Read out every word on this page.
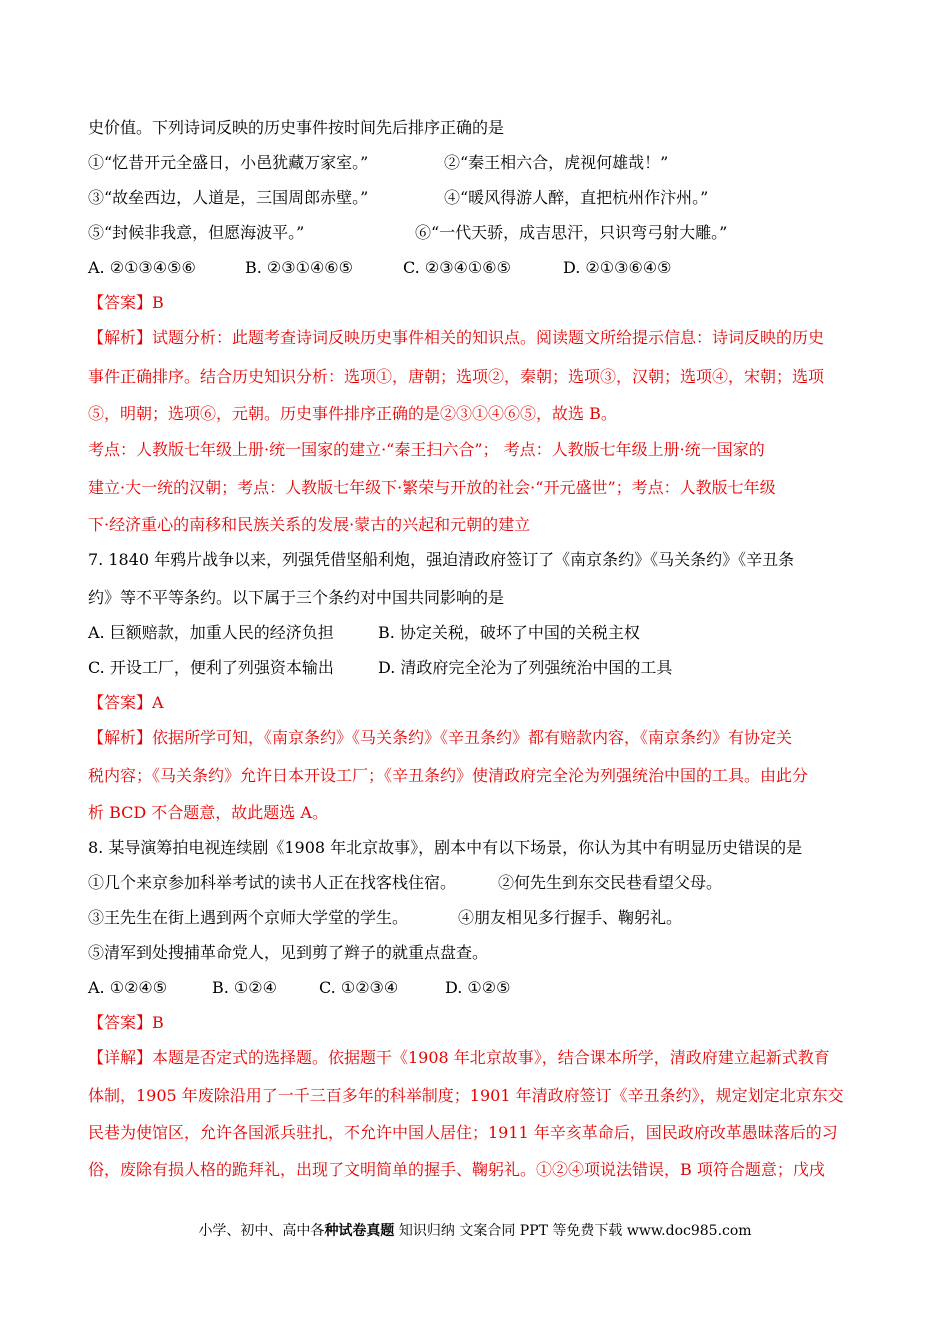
史价值。下列诗词反映的历史事件按时间先后排序正确的是
①“忆昔开元全盛日，小邑犹藏万家室。”	②“秦王相六合，虎视何雄哉！”
③“故垒西边，人道是，三国周郎赤壁。”	④“暖风得游人醉，直把杭州作汴州。”
⑤“封候非我意，但愿海波平。”	⑥“一代天骄，成吉思汗，只识弯弓射大雕。”
A. ②①③④⑤⑥	B. ②③①④⑥⑤	C. ②③④①⑥⑤	D. ②①③⑥④⑤
【答案】B
【解析】试题分析：此题考查诗词反映历史事件相关的知识点。阅读题文所给提示信息：诗词反映的历史
事件正确排序。结合历史知识分析：选项①，唐朝；选项②，秦朝；选项③，汉朝；选项④，宋朝；选项
⑤，明朝；选项⑥，元朝。历史事件排序正确的是②③①④⑥⑤，故选 B。
考点：人教版七年级上册·统一国家的建立·“秦王扫六合”； 考点：人教版七年级上册·统一国家的
建立·大一统的汉朝；考点：人教版七年级下·繁荣与开放的社会·“开元盛世”；考点：人教版七年级
下·经济重心的南移和民族关系的发展·蒙古的兴起和元朝的建立
7. 1840 年鸦片战争以来，列强凭借坚船利炮，强迫清政府签订了《南京条约》《马关条约》《辛丑条
约》等不平等条约。以下属于三个条约对中国共同影响的是
A. 巨额赔款，加重人民的经济负担	B. 协定关税，破坏了中国的关税主权
C. 开设工厂，便利了列强资本输出	D. 清政府完全沦为了列强统治中国的工具
【答案】A
【解析】依据所学可知，《南京条约》《马关条约》《辛丑条约》都有赔款内容，《南京条约》有协定关
税内容；《马关条约》允许日本开设工厂；《辛丑条约》使清政府完全沦为列强统治中国的工具。由此分
析 BCD 不合题意，故此题选 A。
8. 某导演筹拍电视连续剧《1908 年北京故事》，剧本中有以下场景，你认为其中有明显历史错误的是
①几个来京参加科举考试的读书人正在找客栈住宿。	②何先生到东交民巷看望父母。
③王先生在街上遇到两个京师大学堂的学生。	④朋友相见多行握手、鞠躬礼。
⑤清军到处搜捕革命党人，见到剪了辫子的就重点盘查。
A. ①②④⑤	B. ①②④	C. ①②③④	D. ①②⑤
【答案】B
【详解】本题是否定式的选择题。依据题干《1908 年北京故事》，结合课本所学，清政府建立起新式教育
体制，1905 年废除沿用了一千三百多年的科举制度；1901 年清政府签订《辛丑条约》，规定划定北京东交
民巷为使馆区，允许各国派兵驻扎，不允许中国人居住；1911 年辛亥革命后，国民政府改革愚昧落后的习
俗，废除有损人格的跪拜礼，出现了文明简单的握手、鞠躬礼。①②④项说法错误，B 项符合题意；戊戌
小学、初中、高中各种试卷真题 知识归纳 文案合同 PPT 等免费下载 www.doc985.com
